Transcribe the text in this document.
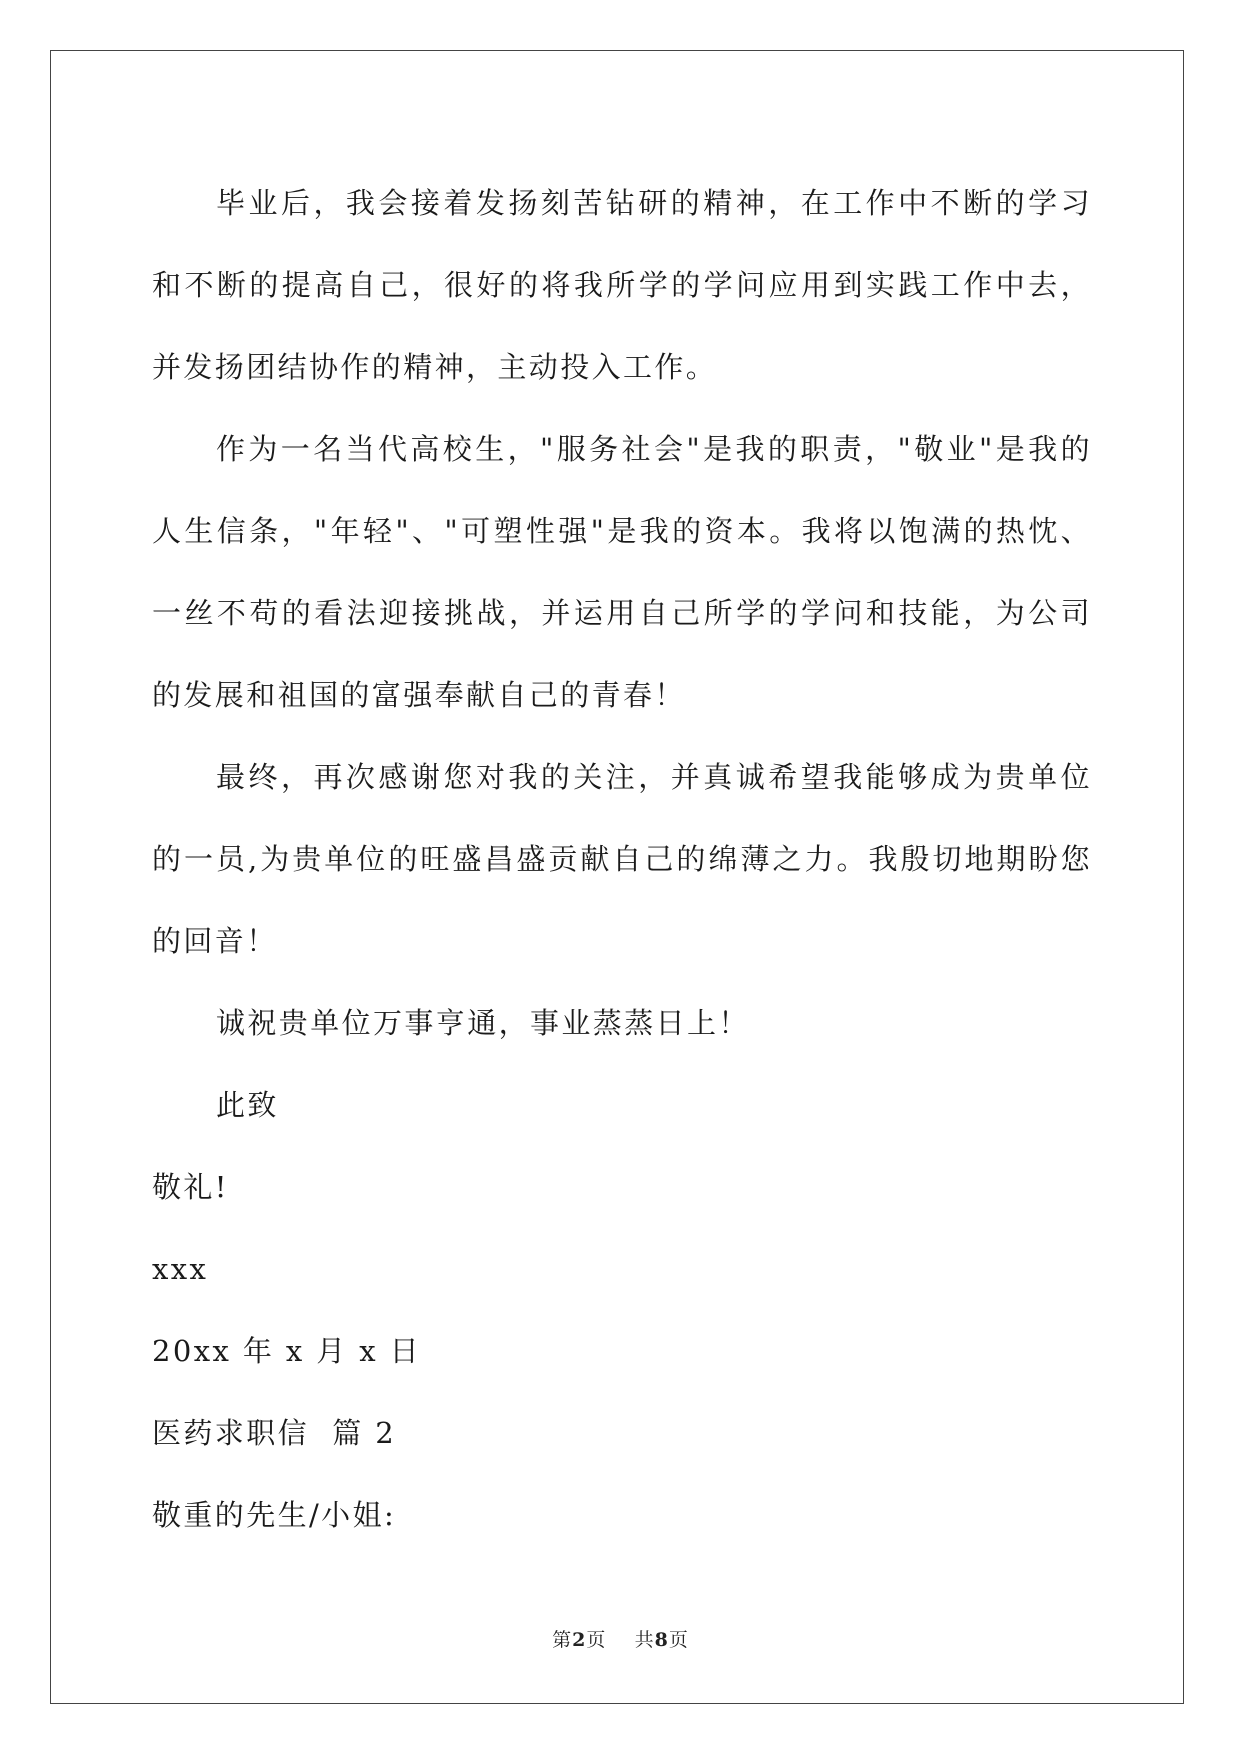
毕业后，我会接着发扬刻苦钻研的精神，在工作中不断的学习和不断的提高自己，很好的将我所学的学问应用到实践工作中去，并发扬团结协作的精神，主动投入工作。

作为一名当代高校生，"服务社会"是我的职责，"敬业"是我的人生信条，"年轻"、"可塑性强"是我的资本。我将以饱满的热忱、一丝不苟的看法迎接挑战，并运用自己所学的学问和技能，为公司的发展和祖国的富强奉献自己的青春！

最终，再次感谢您对我的关注，并真诚希望我能够成为贵单位的一员,为贵单位的旺盛昌盛贡献自己的绵薄之力。我殷切地期盼您的回音！

诚祝贵单位万事亨通，事业蒸蒸日上！

此致

敬礼!

xxx

20xx 年 x 月 x 日

医药求职信  篇 2

敬重的先生/小姐:

第2页    共8页
